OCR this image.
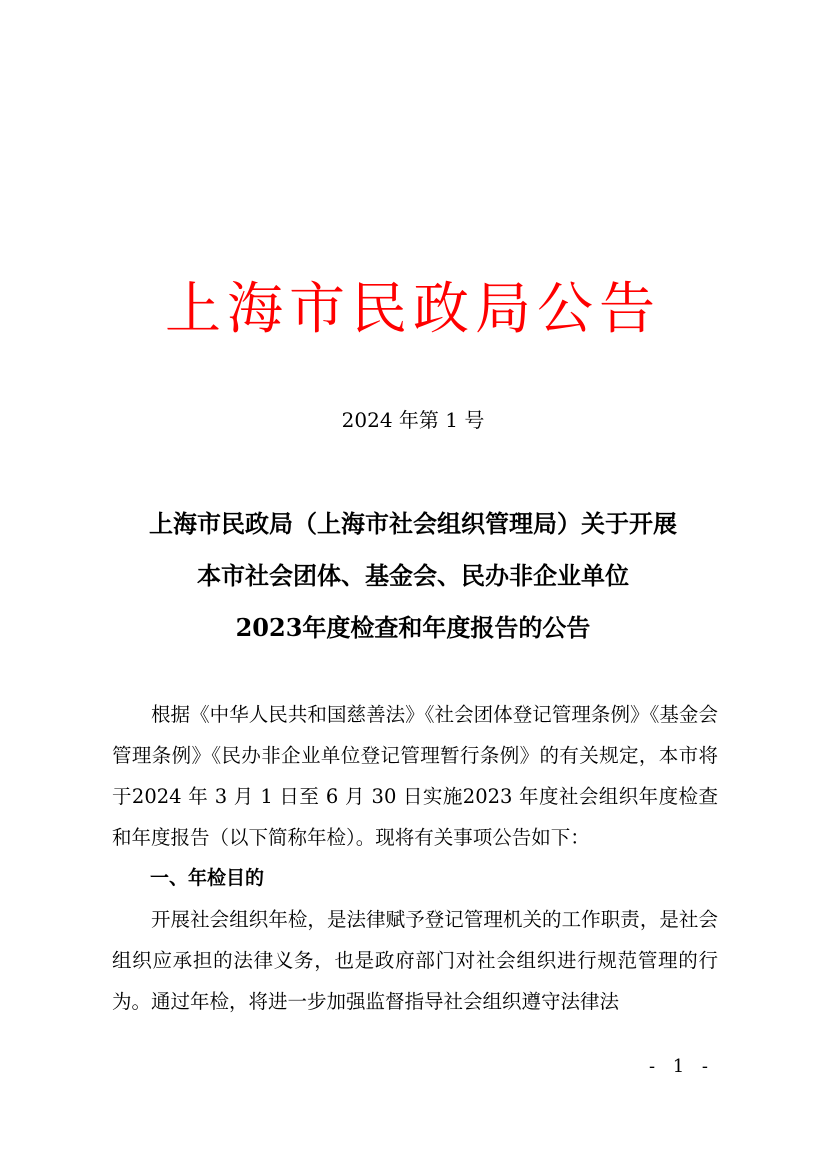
上海市民政局公告
2024 年第 1 号
上海市民政局（上海市社会组织管理局）关于开展
本市社会团体、基金会、民办非企业单位
2023年度检查和年度报告的公告

根据《中华人民共和国慈善法》《社会团体登记管理条例》《基金会管理条例》《民办非企业单位登记管理暂行条例》的有关规定，本市将于2024 年 3 月 1 日至 6 月 30 日实施2023 年度社会组织年度检查和年度报告（以下简称年检）。现将有关事项公告如下：

一、年检目的

开展社会组织年检，是法律赋予登记管理机关的工作职责，是社会组织应承担的法律义务，也是政府部门对社会组织进行规范管理的行为。通过年检，将进一步加强监督指导社会组织遵守法律法

- 1 -
